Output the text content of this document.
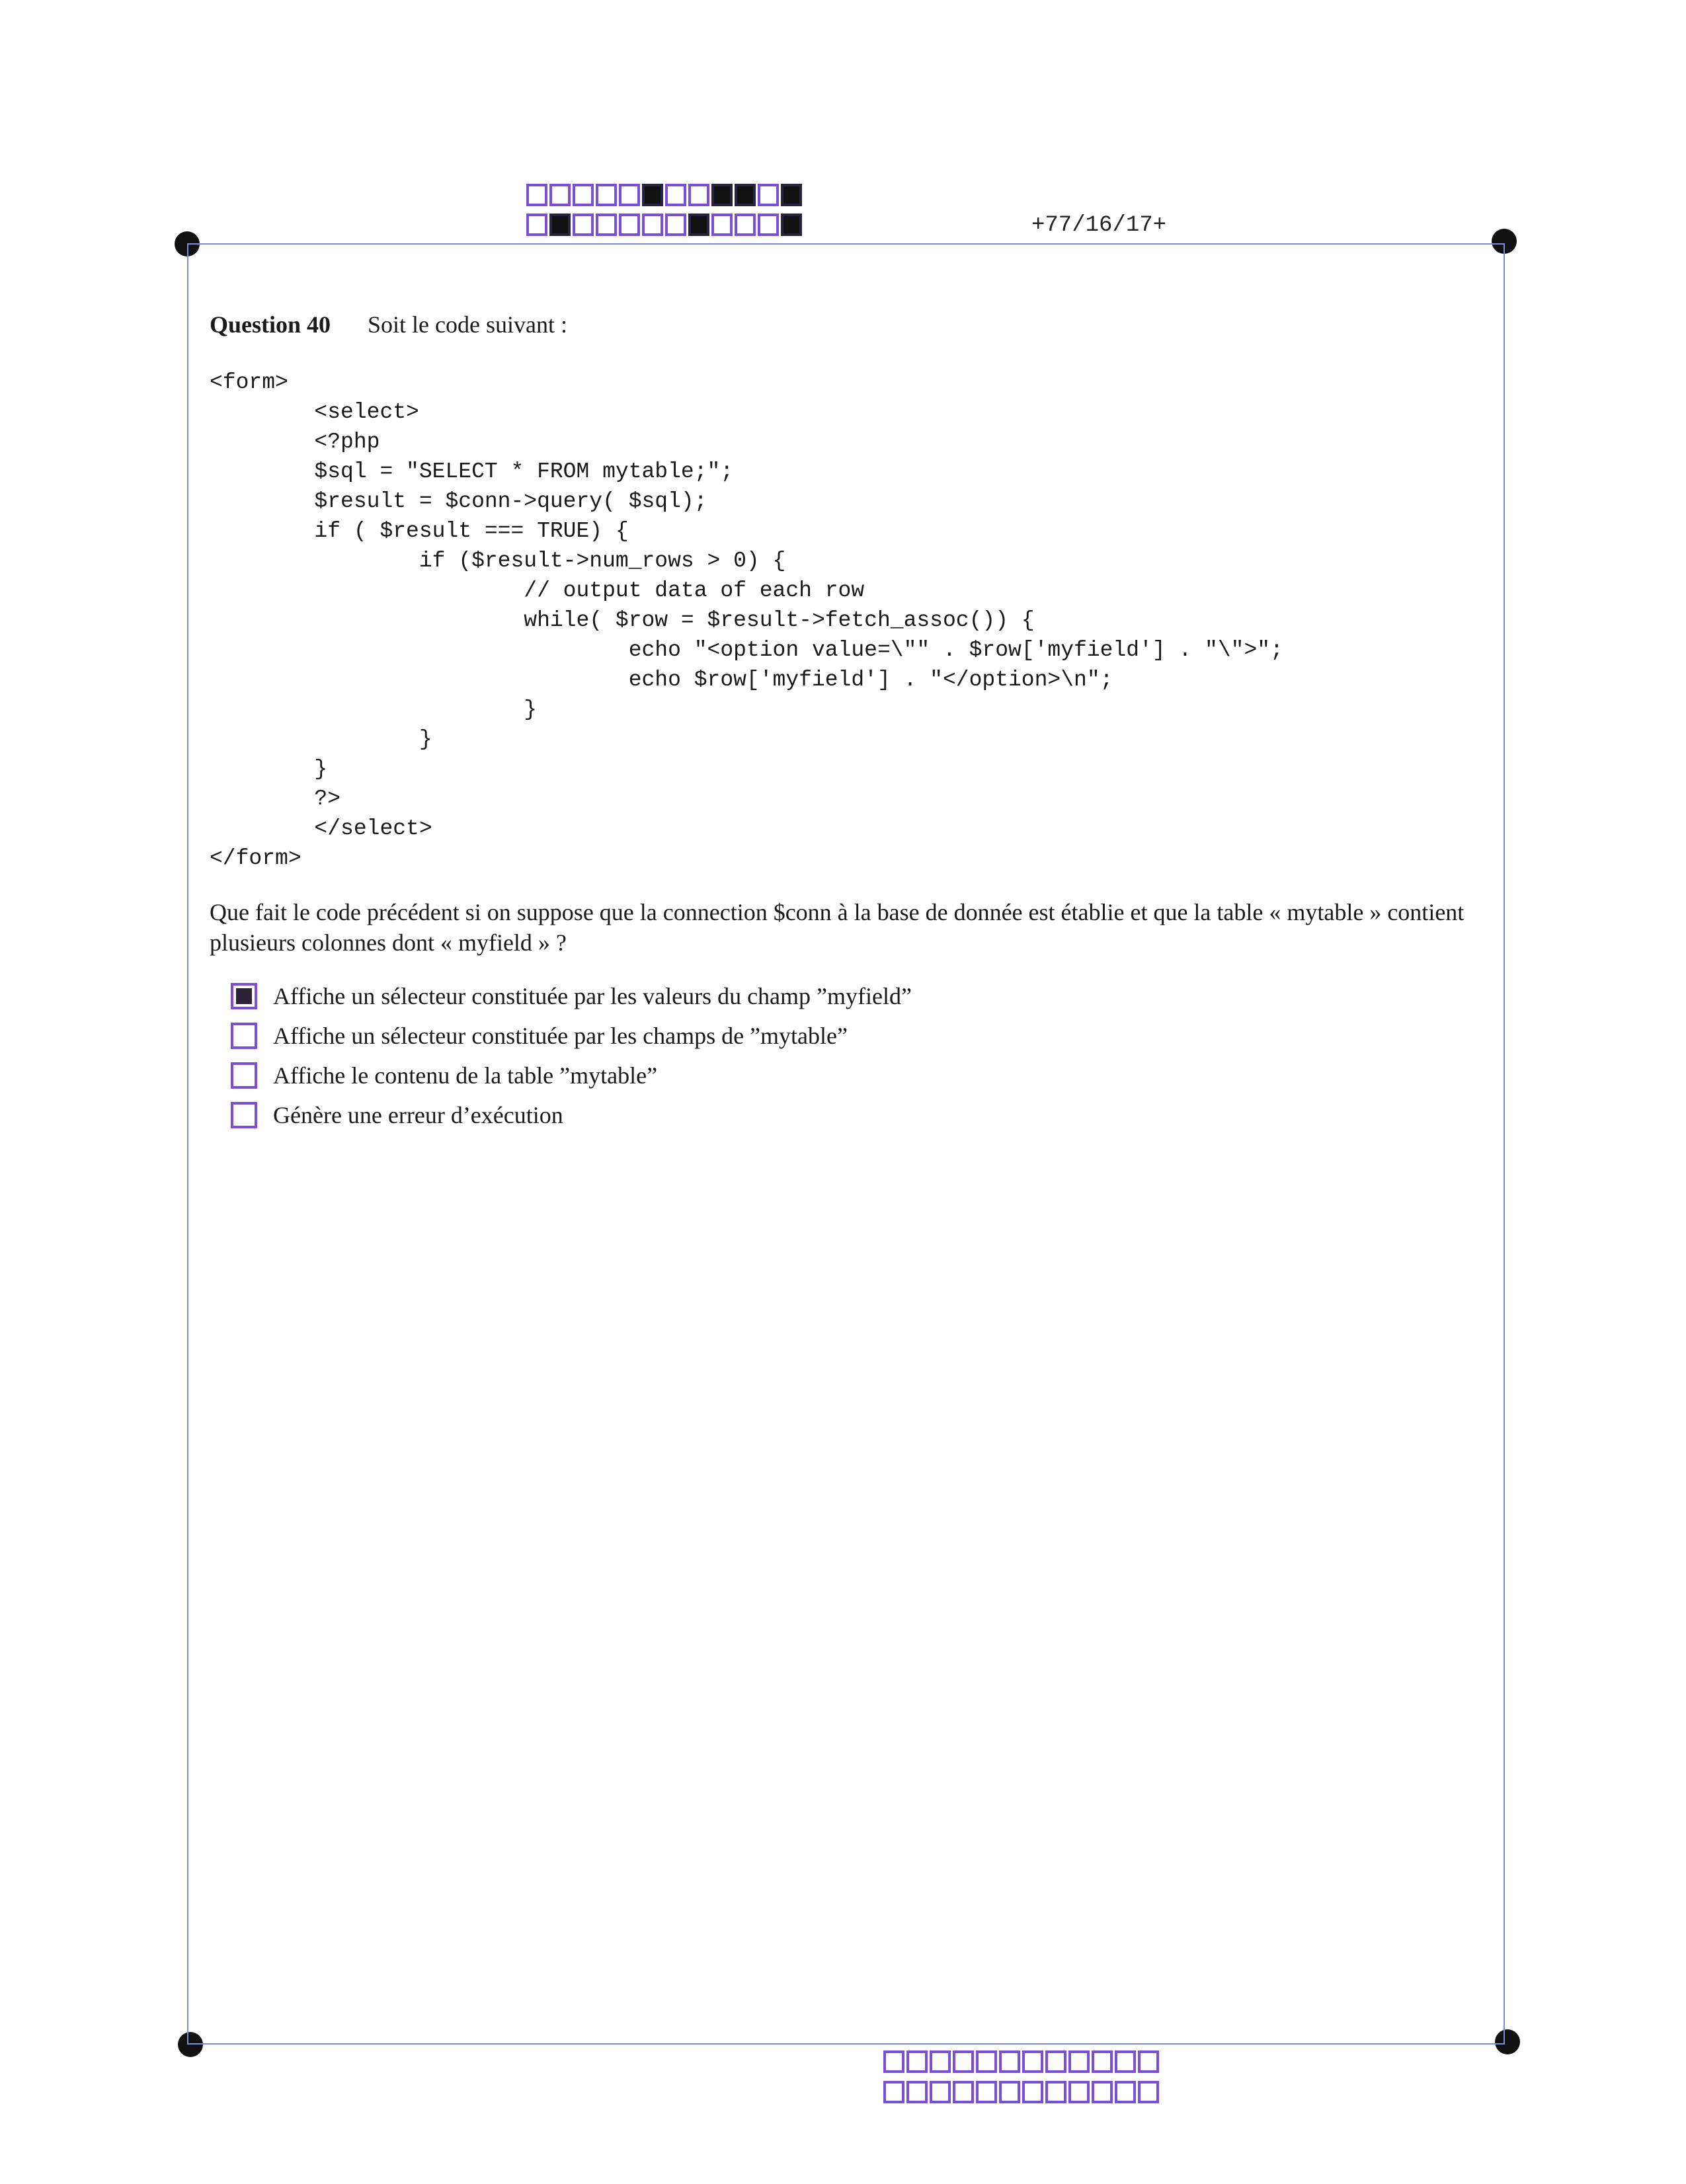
+77/16/17+
Question 40 Soit le code suivant :
<form>
<select>
<?php
$sql = "SELECT * FROM mytable;";
$result = $conn->query( $sql);
if ( $result === TRUE) {
if ($result->num_rows > 0) {
// output data of each row
while( $row = $result->fetch_assoc()) {
echo "<option value=\"" . $row['myfield'] . "\">";
echo $row['myfield'] . "</option>\n";
}
}
}
?>
</select>
</form>
Que fait le code précédent si on suppose que la connection $conn à la base de donnée est établie et que la table « mytable » contient plusieurs colonnes dont « myfield » ?
Affiche un sélecteur constituée par les valeurs du champ ”myfield”
Affiche un sélecteur constituée par les champs de ”mytable”
Affiche le contenu de la table ”mytable”
Génère une erreur d’exécution
